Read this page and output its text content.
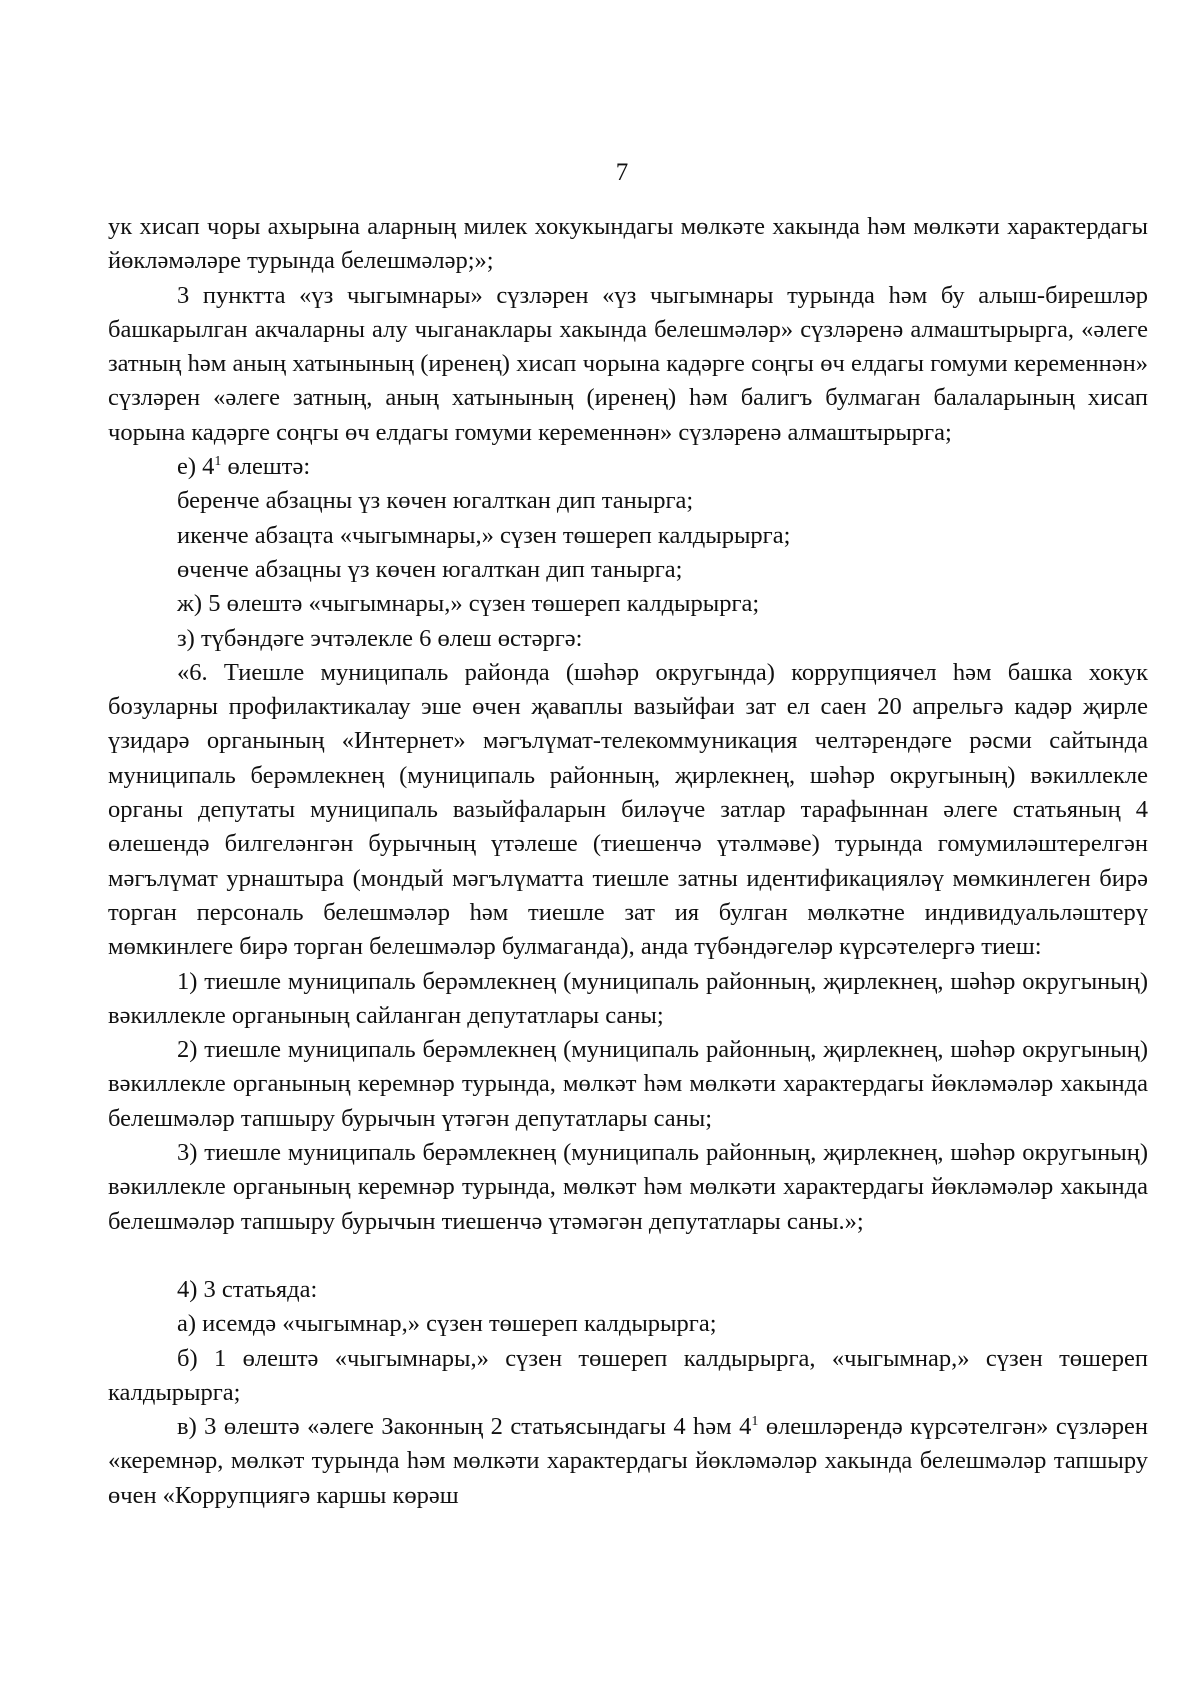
7

ук хисап чоры ахырына аларның милек хокукындагы мөлкәте хакында һәм мөлкәти характердагы йөкләмәләре турында белешмәләр;»;

3 пунктта «үз чыгымнары» сүзләрен «үз чыгымнары турында һәм бу алыш-бирешләр башкарылган акчаларны алу чыганаклары хакында белешмәләр» сүзләренә алмаштырырга, «әлеге затның һәм аның хатынының (иренең) хисап чорына кадәрге соңгы өч елдагы гомуми кеременнән» сүзләрен «әлеге затның, аның хатынының (иренең) һәм балигъ булмаган балаларының хисап чорына кадәрге соңгы өч елдагы гомуми кеременнән» сүзләренә алмаштырырга;

е) $4^1$ өлештә:

беренче абзацны үз көчен югалткан дип танырга;

икенче абзацта «чыгымнары,» сүзен төшереп калдырырга;

өченче абзацны үз көчен югалткан дип танырга;

ж) 5 өлештә «чыгымнары,» сүзен төшереп калдырырга;

з) түбәндәге эчтәлекле 6 өлеш өстәргә:

«6. Тиешле муниципаль районда (шәһәр округында) коррупциячел һәм башка хокук бозуларны профилактикалау эше өчен җаваплы вазыйфаи зат ел саен 20 апрельгә кадәр җирле үзидарә органының «Интернет» мәгълүмат-телекоммуникация челтәрендәге рәсми сайтында муниципаль берәмлекнең (муниципаль районның, җирлекнең, шәһәр округының) вәкиллекле органы депутаты муниципаль вазыйфаларын биләүче затлар тарафыннан әлеге статьяның 4 өлешендә билгеләнгән бурычның үтәлеше (тиешенчә үтәлмәве) турында гомумиләштерелгән мәгълүмат урнаштыра (мондый мәгълүматта тиешле затны идентификацияләү мөмкинлеген бирә торган персональ белешмәләр һәм тиешле зат ия булган мөлкәтне индивидуальләштерү мөмкинлеге бирә торган белешмәләр булмаганда), анда түбәндәгеләр күрсәтелергә тиеш:

1) тиешле муниципаль берәмлекнең (муниципаль районның, җирлекнең, шәһәр округының) вәкиллекле органының сайланган депутатлары саны;

2) тиешле муниципаль берәмлекнең (муниципаль районның, җирлекнең, шәһәр округының) вәкиллекле органының керемнәр турында, мөлкәт һәм мөлкәти характердагы йөкләмәләр хакында белешмәләр тапшыру бурычын үтәгән депутатлары саны;

3) тиешле муниципаль берәмлекнең (муниципаль районның, җирлекнең, шәһәр округының) вәкиллекле органының керемнәр турында, мөлкәт һәм мөлкәти характердагы йөкләмәләр хакында белешмәләр тапшыру бурычын тиешенчә үтәмәгән депутатлары саны.»;

4) 3 статьяда:

а) исемдә «чыгымнар,» сүзен төшереп калдырырга;

б) 1 өлештә «чыгымнары,» сүзен төшереп калдырырга, «чыгымнар,» сүзен төшереп калдырырга;

в) 3 өлештә «әлеге Законның 2 статьясындагы 4 һәм $4^1$ өлешләрендә күрсәтелгән» сүзләрен «керемнәр, мөлкәт турында һәм мөлкәти характердагы йөкләмәләр хакында белешмәләр тапшыру өчен «Коррупциягә каршы көрәш
